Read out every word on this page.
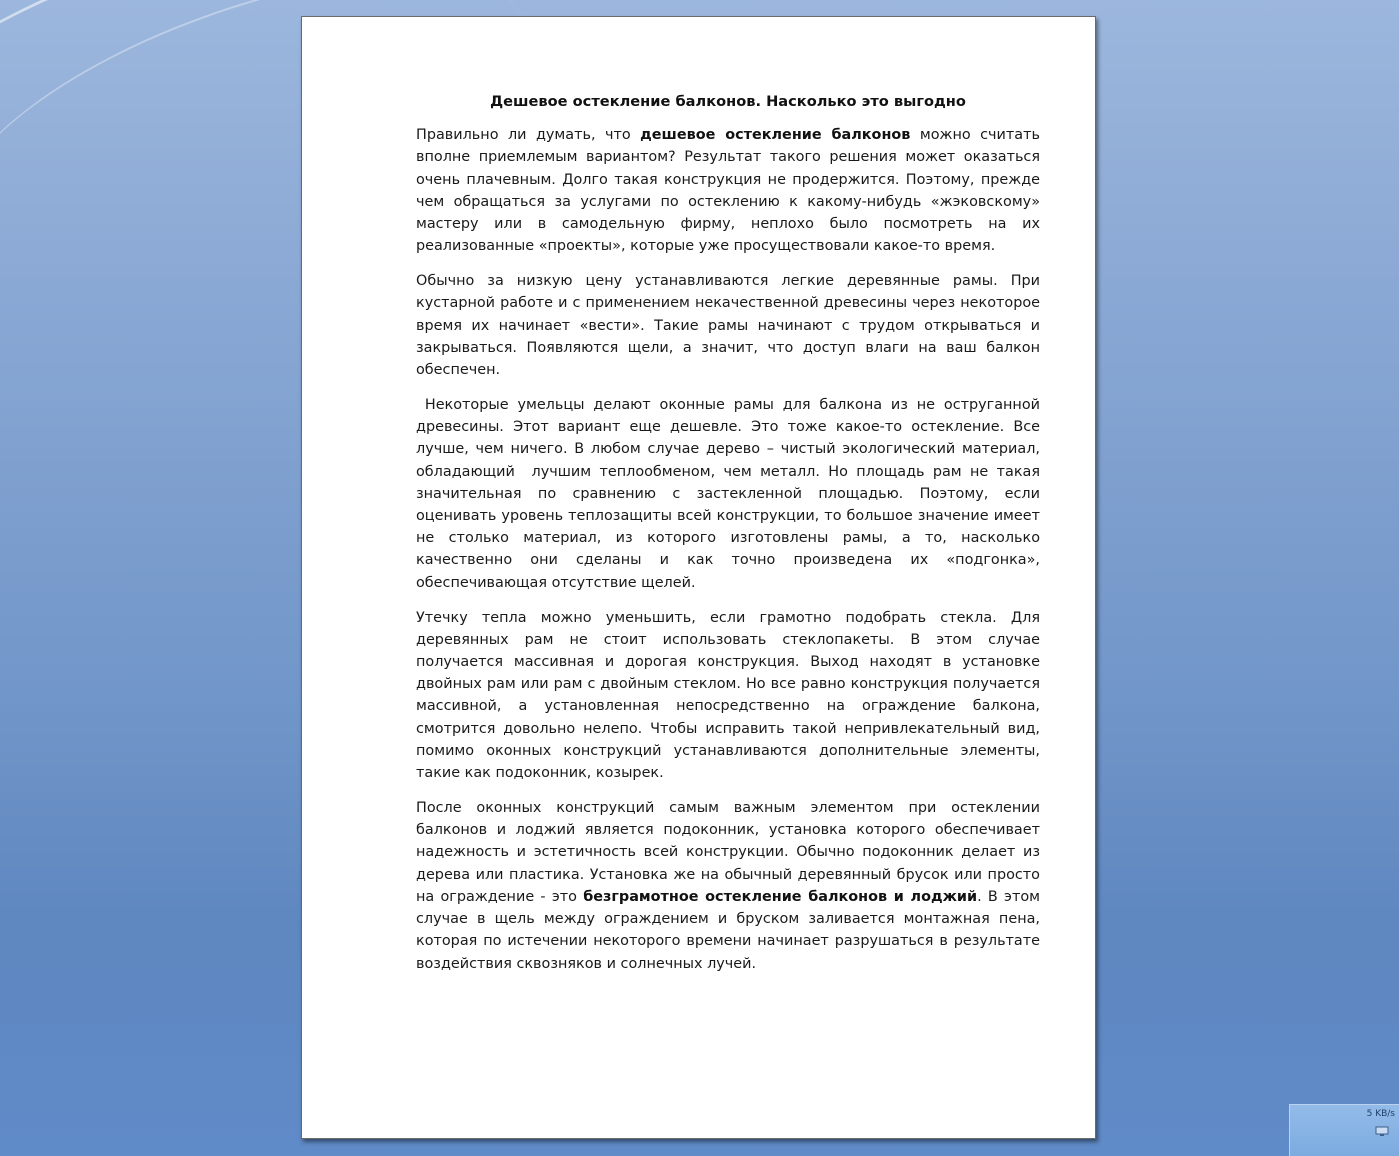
Дешевое остекление балконов. Насколько это выгодно

Правильно ли думать, что дешевое остекление балконов можно считать вполне приемлемым вариантом? Результат такого решения может оказаться очень плачевным. Долго такая конструкция не продержится. Поэтому, прежде чем обращаться за услугами по остеклению к какому-нибудь «жэковскому» мастеру или в самодельную фирму, неплохо было посмотреть на их реализованные «проекты», которые уже просуществовали какое-то время.

Обычно за низкую цену устанавливаются легкие деревянные рамы. При кустарной работе и с применением некачественной древесины через некоторое время их начинает «вести». Такие рамы начинают с трудом открываться и закрываться. Появляются щели, а значит, что доступ влаги на ваш балкон обеспечен.

Некоторые умельцы делают оконные рамы для балкона из не оструганной древесины. Этот вариант еще дешевле. Это тоже какое-то остекление. Все лучше, чем ничего. В любом случае дерево – чистый экологический материал, обладающий  лучшим теплообменом, чем металл. Но площадь рам не такая значительная по сравнению с застекленной площадью. Поэтому, если оценивать уровень теплозащиты всей конструкции, то большое значение имеет не столько материал, из которого изготовлены рамы, а то, насколько качественно они сделаны и как точно произведена их «подгонка», обеспечивающая отсутствие щелей.

Утечку тепла можно уменьшить, если грамотно подобрать стекла. Для деревянных рам не стоит использовать стеклопакеты. В этом случае получается массивная и дорогая конструкция. Выход находят в установке двойных рам или рам с двойным стеклом. Но все равно конструкция получается массивной, а установленная непосредственно на ограждение балкона, смотрится довольно нелепо. Чтобы исправить такой непривлекательный вид, помимо оконных конструкций устанавливаются дополнительные элементы, такие как подоконник, козырек.

После оконных конструкций самым важным элементом при остеклении балконов и лоджий является подоконник, установка которого обеспечивает надежность и эстетичность всей конструкции. Обычно подоконник делает из дерева или пластика. Установка же на обычный деревянный брусок или просто на ограждение - это безграмотное остекление балконов и лоджий. В этом случае в щель между ограждением и бруском заливается монтажная пена, которая по истечении некоторого времени начинает разрушаться в результате воздействия сквозняков и солнечных лучей.

5 KB/s
